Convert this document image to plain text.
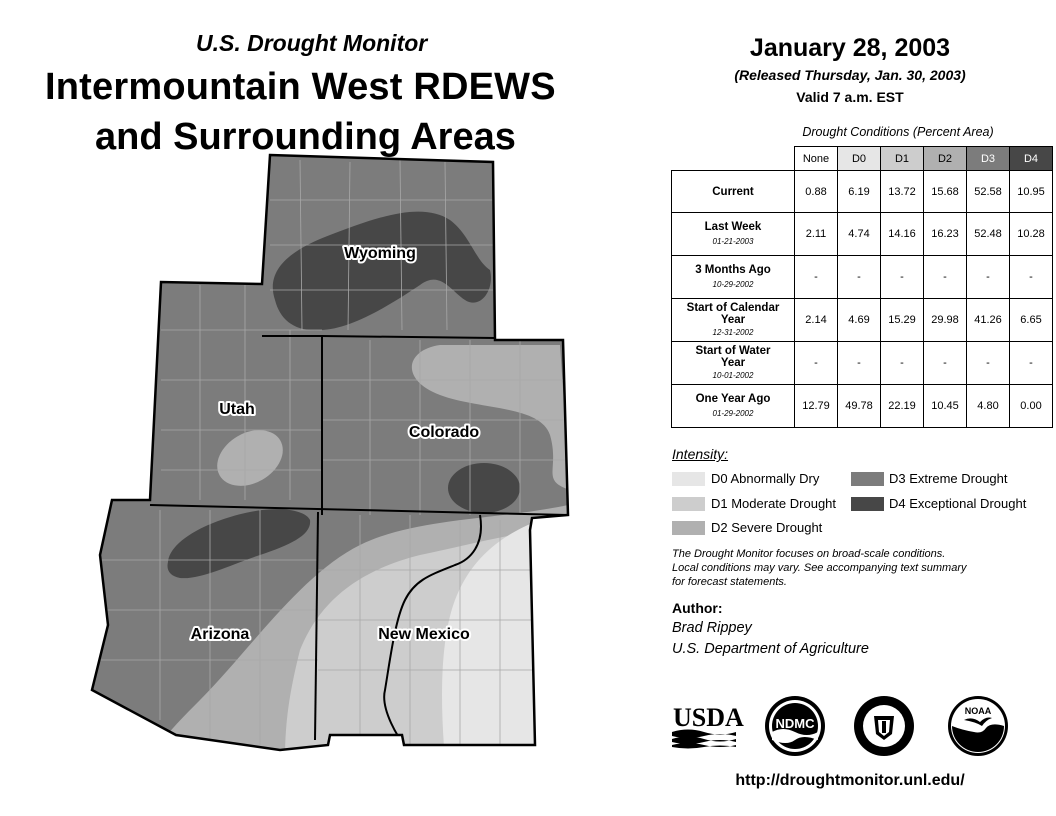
U.S. Drought Monitor
Intermountain West RDEWS
and Surrounding Areas
Wyoming
Utah
Colorado
Arizona	New Mexico
January 28, 2003
(Released Thursday, Jan. 30, 2003)
Valid 7 a.m. EST
Drought Conditions (Percent Area)
	None	D0	D1	D2	D3	D4
Current	0.88	6.19	13.72	15.68	52.58	10.95
Last Week
01-21-2003	2.11	4.74	14.16	16.23	52.48	10.28
3 Months Ago
10-29-2002	-	-	-	-	-	-
Start of Calendar Year
12-31-2002	2.14	4.69	15.29	29.98	41.26	6.65
Start of Water Year
10-01-2002	-	-	-	-	-	-
One Year Ago
01-29-2002	12.79	49.78	22.19	10.45	4.80	0.00
Intensity:
D0 Abnormally Dry
D1 Moderate Drought
D2 Severe Drought
D3 Extreme Drought
D4 Exceptional Drought
The Drought Monitor focuses on broad-scale conditions.
Local conditions may vary. See accompanying text summary
for forecast statements.
Author:
Brad Rippey
U.S. Department of Agriculture
USDA NDMC
NOAA
http://droughtmonitor.unl.edu/
